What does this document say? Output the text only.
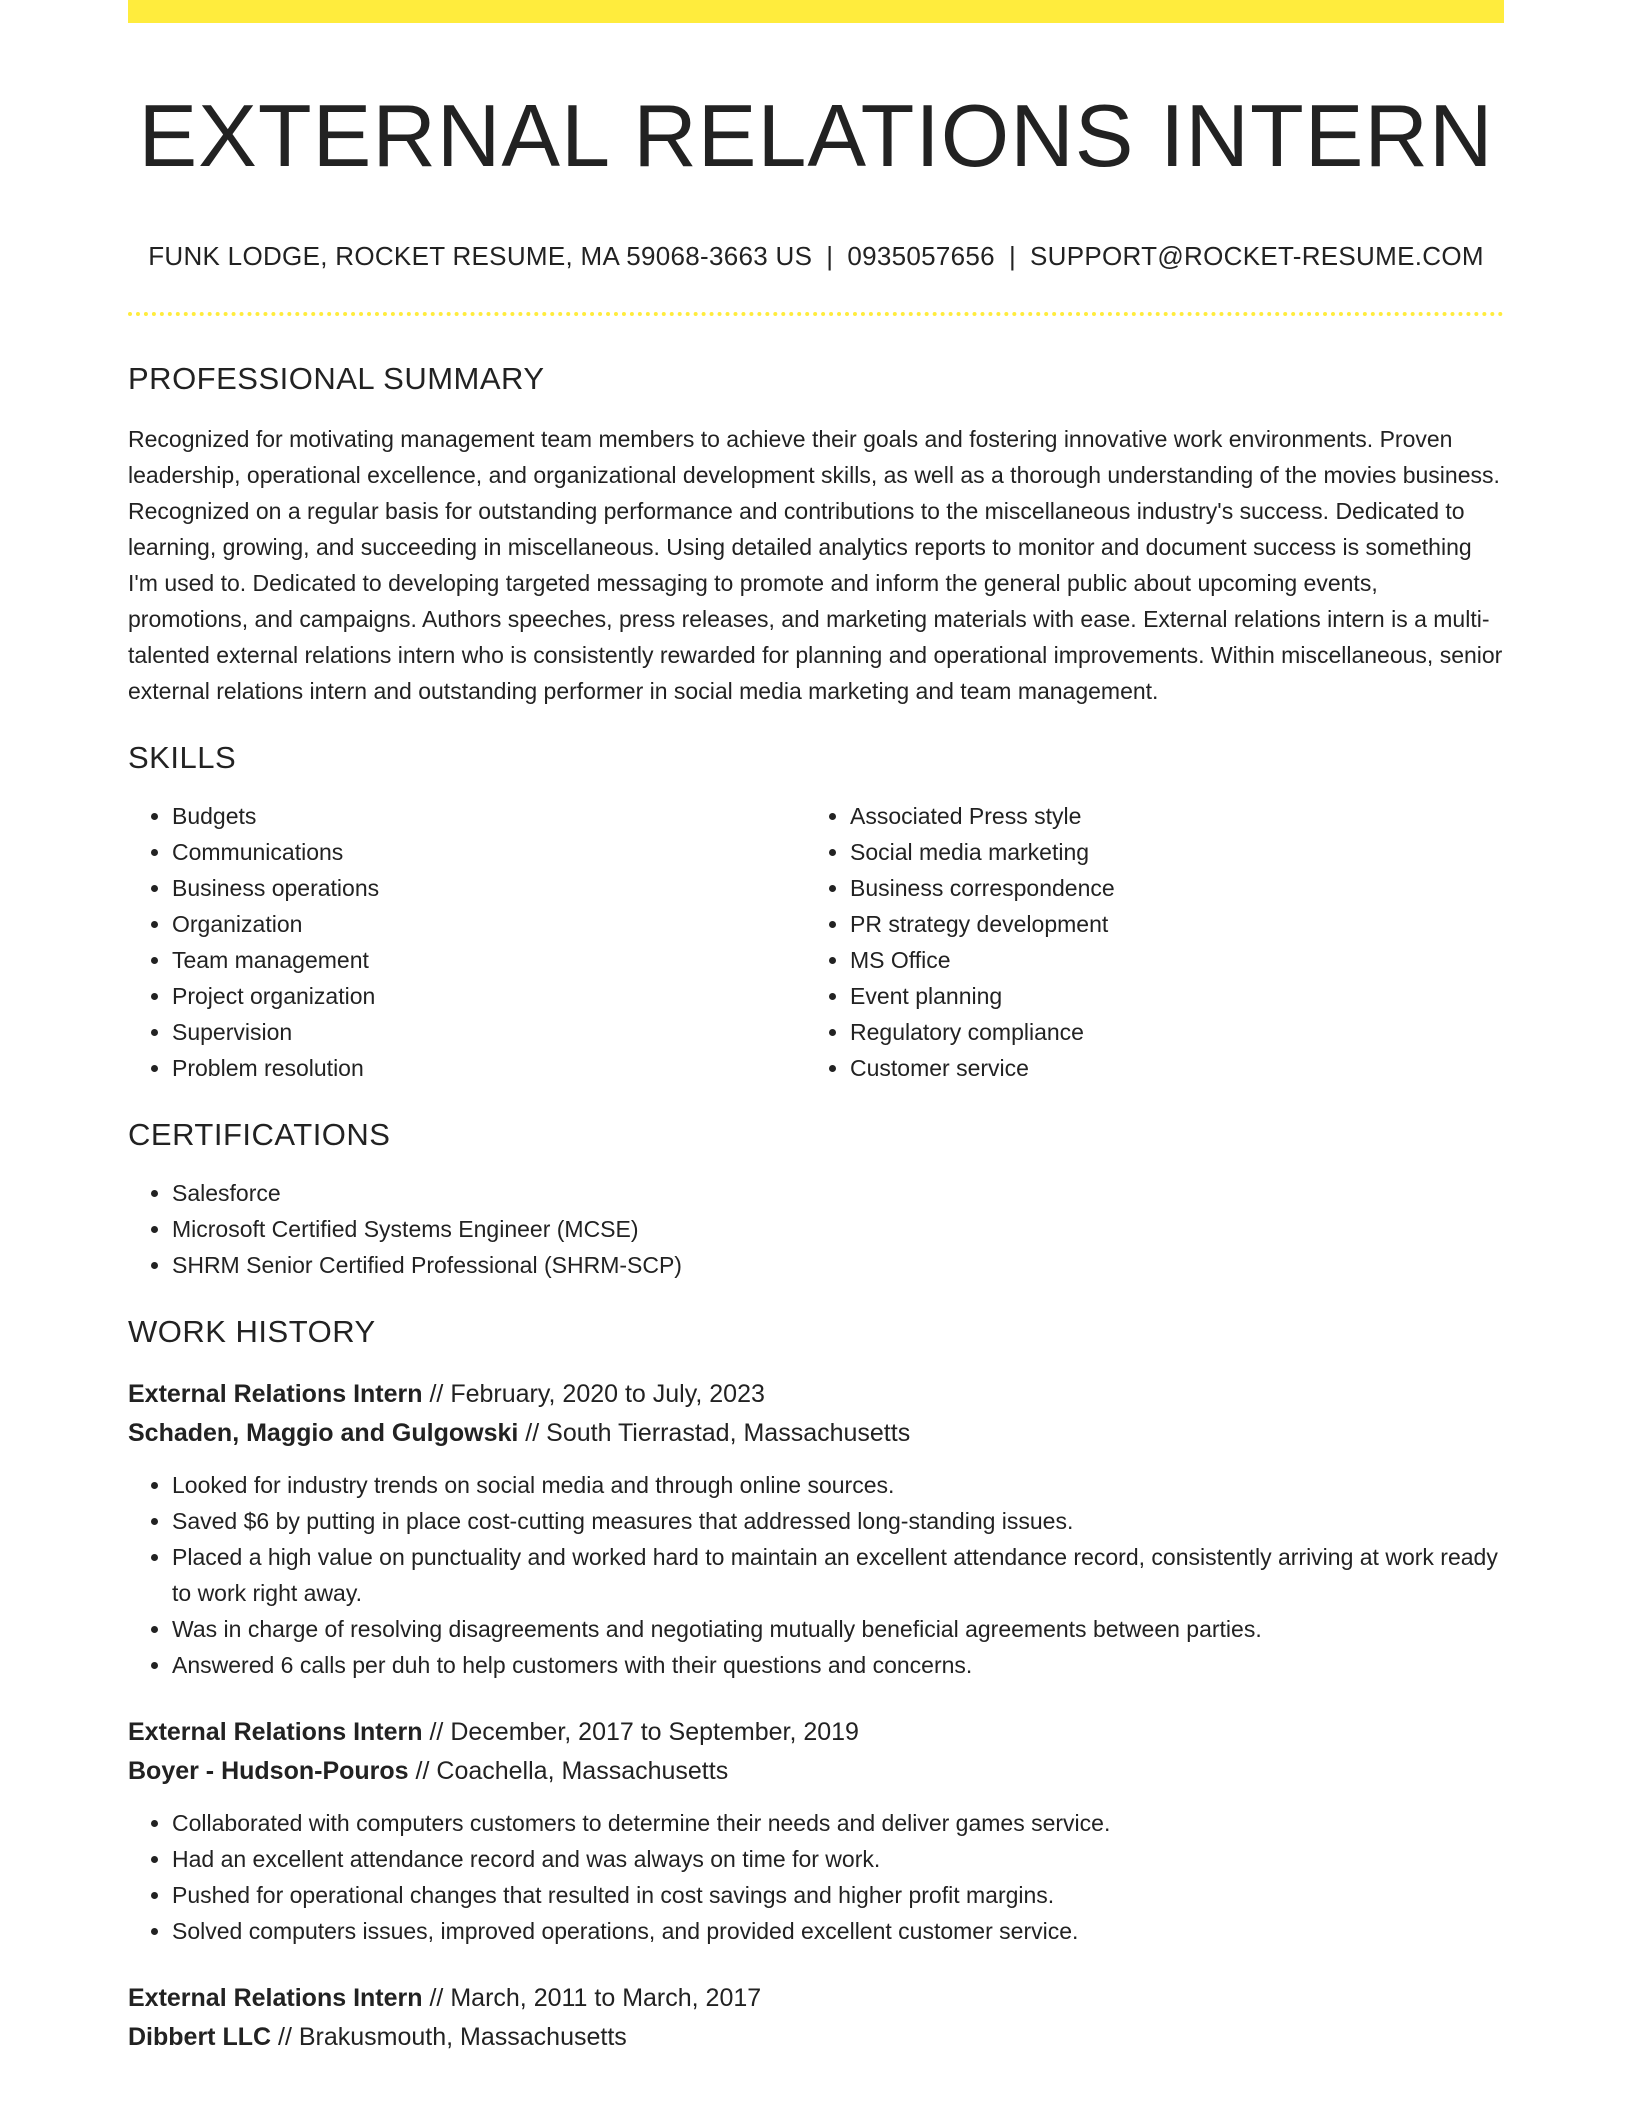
EXTERNAL RELATIONS INTERN
FUNK LODGE, ROCKET RESUME, MA 59068-3663 US | 0935057656 | SUPPORT@ROCKET-RESUME.COM
PROFESSIONAL SUMMARY
Recognized for motivating management team members to achieve their goals and fostering innovative work environments. Proven leadership, operational excellence, and organizational development skills, as well as a thorough understanding of the movies business. Recognized on a regular basis for outstanding performance and contributions to the miscellaneous industry's success. Dedicated to learning, growing, and succeeding in miscellaneous. Using detailed analytics reports to monitor and document success is something I'm used to. Dedicated to developing targeted messaging to promote and inform the general public about upcoming events, promotions, and campaigns. Authors speeches, press releases, and marketing materials with ease. External relations intern is a multi-talented external relations intern who is consistently rewarded for planning and operational improvements. Within miscellaneous, senior external relations intern and outstanding performer in social media marketing and team management.
SKILLS
• Budgets
• Communications
• Business operations
• Organization
• Team management
• Project organization
• Supervision
• Problem resolution
• Associated Press style
• Social media marketing
• Business correspondence
• PR strategy development
• MS Office
• Event planning
• Regulatory compliance
• Customer service
CERTIFICATIONS
• Salesforce
• Microsoft Certified Systems Engineer (MCSE)
• SHRM Senior Certified Professional (SHRM-SCP)
WORK HISTORY
External Relations Intern // February, 2020 to July, 2023
Schaden, Maggio and Gulgowski // South Tierrastad, Massachusetts
• Looked for industry trends on social media and through online sources.
• Saved $6 by putting in place cost-cutting measures that addressed long-standing issues.
• Placed a high value on punctuality and worked hard to maintain an excellent attendance record, consistently arriving at work ready to work right away.
• Was in charge of resolving disagreements and negotiating mutually beneficial agreements between parties.
• Answered 6 calls per duh to help customers with their questions and concerns.
External Relations Intern // December, 2017 to September, 2019
Boyer - Hudson-Pouros // Coachella, Massachusetts
• Collaborated with computers customers to determine their needs and deliver games service.
• Had an excellent attendance record and was always on time for work.
• Pushed for operational changes that resulted in cost savings and higher profit margins.
• Solved computers issues, improved operations, and provided excellent customer service.
External Relations Intern // March, 2011 to March, 2017
Dibbert LLC // Brakusmouth, Massachusetts
